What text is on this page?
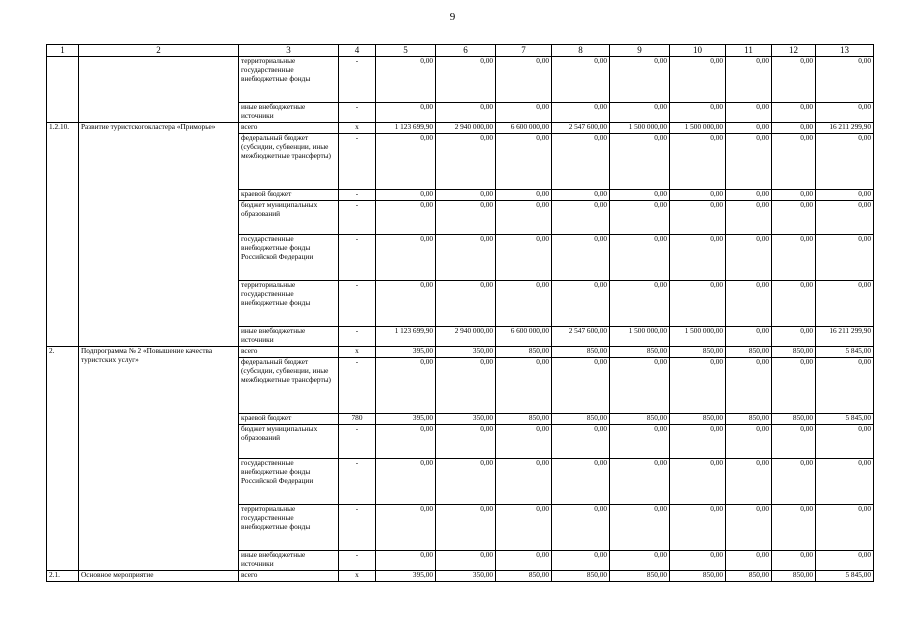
9
1	2	3	4	5	6	7	8	9	10	11	12	13
		территориальные государственные внебюджетные фонды	-	0,00	0,00	0,00	0,00	0,00	0,00	0,00	0,00	0,00
		иные внебюджетные источники	-	0,00	0,00	0,00	0,00	0,00	0,00	0,00	0,00	0,00
1.2.10.	Развитие туристскогокластера «Приморье»	всего	x	1 123 699,90	2 940 000,00	6 600 000,00	2 547 600,00	1 500 000,00	1 500 000,00	0,00	0,00	16 211 299,90
		федеральный бюджет (субсидии, субвенции, иные межбюджетные трансферты)	-	0,00	0,00	0,00	0,00	0,00	0,00	0,00	0,00	0,00
		краевой бюджет	-	0,00	0,00	0,00	0,00	0,00	0,00	0,00	0,00	0,00
		бюджет муниципальных образований	-	0,00	0,00	0,00	0,00	0,00	0,00	0,00	0,00	0,00
		государственные внебюджетные фонды Российской Федерации	-	0,00	0,00	0,00	0,00	0,00	0,00	0,00	0,00	0,00
		территориальные государственные внебюджетные фонды	-	0,00	0,00	0,00	0,00	0,00	0,00	0,00	0,00	0,00
		иные внебюджетные источники	-	1 123 699,90	2 940 000,00	6 600 000,00	2 547 600,00	1 500 000,00	1 500 000,00	0,00	0,00	16 211 299,90
2.	Подпрограмма № 2 «Повышение качества туристских услуг»	всего	x	395,00	350,00	850,00	850,00	850,00	850,00	850,00	850,00	5 845,00
		федеральный бюджет (субсидии, субвенции, иные межбюджетные трансферты)	-	0,00	0,00	0,00	0,00	0,00	0,00	0,00	0,00	0,00
		краевой бюджет	780	395,00	350,00	850,00	850,00	850,00	850,00	850,00	850,00	5 845,00
		бюджет муниципальных образований	-	0,00	0,00	0,00	0,00	0,00	0,00	0,00	0,00	0,00
		государственные внебюджетные фонды Российской Федерации	-	0,00	0,00	0,00	0,00	0,00	0,00	0,00	0,00	0,00
		территориальные государственные внебюджетные фонды	-	0,00	0,00	0,00	0,00	0,00	0,00	0,00	0,00	0,00
		иные внебюджетные источники	-	0,00	0,00	0,00	0,00	0,00	0,00	0,00	0,00	0,00
2.1.	Основное мероприятие	всего	x	395,00	350,00	850,00	850,00	850,00	850,00	850,00	850,00	5 845,00
